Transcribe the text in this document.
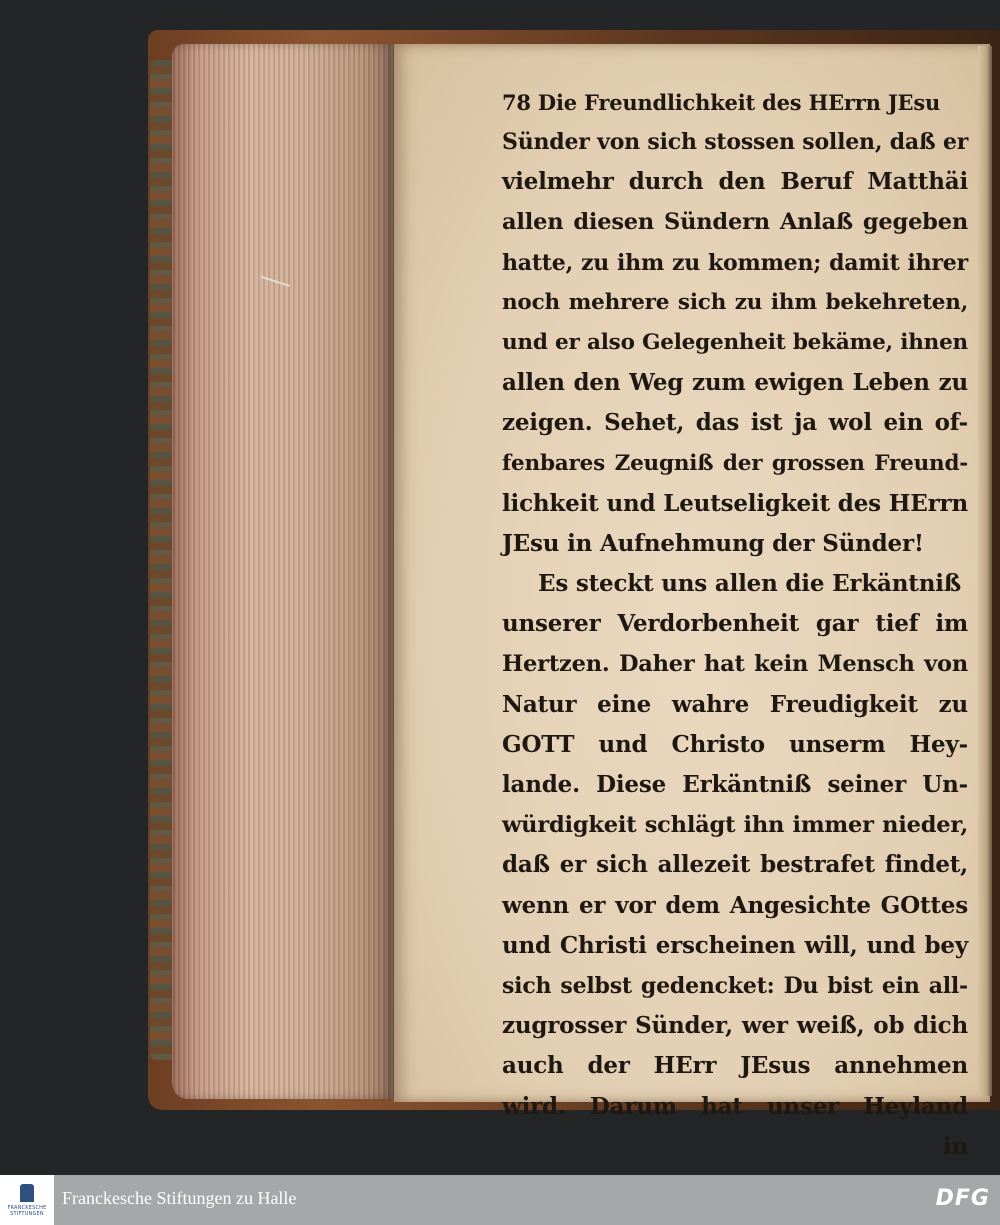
78 Die Freundlichkeit des HErrn JEsu
Sünder von sich stossen sollen, daß er
vielmehr durch den Beruf Matthäi
allen diesen Sündern Anlaß gegeben
hatte, zu ihm zu kommen; damit ihrer
noch mehrere sich zu ihm bekehreten,
und er also Gelegenheit bekäme, ihnen
allen den Weg zum ewigen Leben zu
zeigen. Sehet, das ist ja wol ein of-
fenbares Zeugniß der grossen Freund-
lichkeit und Leutseligkeit des HErrn
JEsu in Aufnehmung der Sünder!
Es steckt uns allen die Erkäntniß
unserer Verdorbenheit gar tief im
Hertzen. Daher hat kein Mensch von
Natur eine wahre Freudigkeit zu
GOTT und Christo unserm Hey-
lande. Diese Erkäntniß seiner Un-
würdigkeit schlägt ihn immer nieder,
daß er sich allezeit bestrafet findet,
wenn er vor dem Angesichte GOttes
und Christi erscheinen will, und bey
sich selbst gedencket: Du bist ein all-
zugrosser Sünder, wer weiß, ob dich
auch der HErr JEsus annehmen
wird. Darum hat unser Heyland
in
FRANCKESCHE STIFTUNGEN
Franckesche Stiftungen zu Halle	DFG
